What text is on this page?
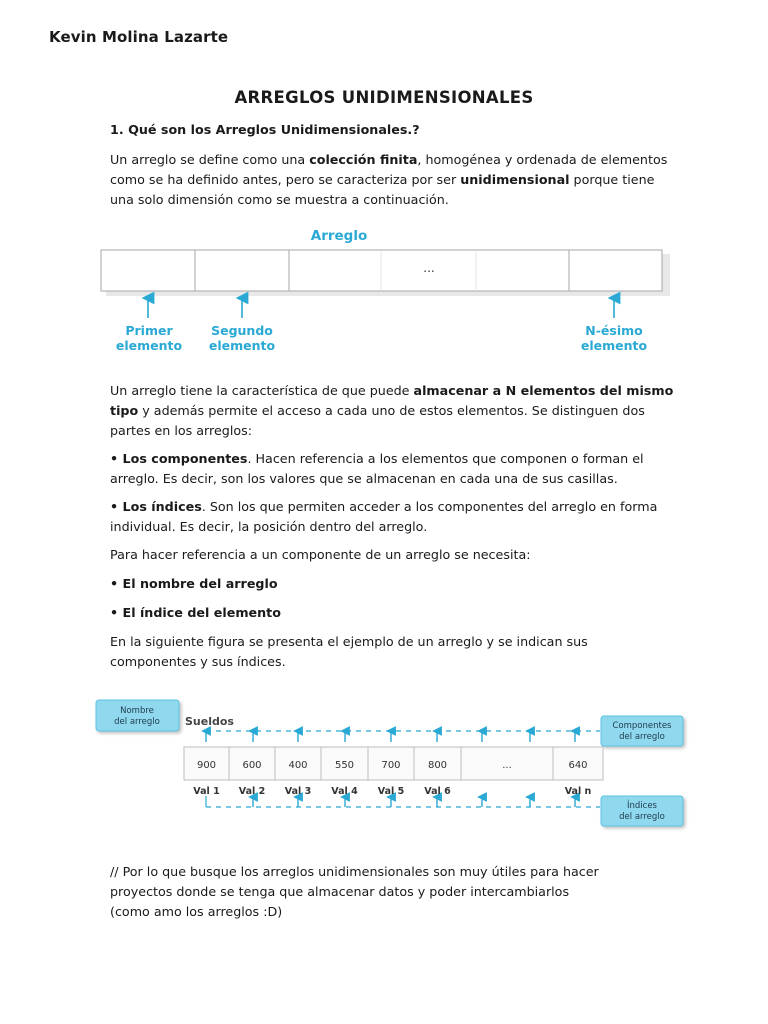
Kevin Molina Lazarte
ARREGLOS UNIDIMENSIONALES

1. Qué son los Arreglos Unidimensionales.?

Un arreglo se define como una colección finita, homogénea y ordenada de elementos
como se ha definido antes, pero se caracteriza por ser unidimensional porque tiene
una solo dimensión como se muestra a continuación.

Arreglo
...
Primer
elemento
Segundo
elemento
N-ésimo
elemento

Un arreglo tiene la característica de que puede almacenar a N elementos del mismo
tipo y además permite el acceso a cada uno de estos elementos. Se distinguen dos
partes en los arreglos:

• Los componentes. Hacen referencia a los elementos que componen o forman el
arreglo. Es decir, son los valores que se almacenan en cada una de sus casillas.

• Los índices. Son los que permiten acceder a los componentes del arreglo en forma
individual. Es decir, la posición dentro del arreglo.

Para hacer referencia a un componente de un arreglo se necesita:

• El nombre del arreglo

• El índice del elemento

En la siguiente figura se presenta el ejemplo de un arreglo y se indican sus
componentes y sus índices.

Nombre
del arreglo Sueldos	Componentes
del arreglo
Índices
del arreglo
900	600	400	550	700	800	...	640
Val 1 Val 2 Val 3 Val 4 Val 5 Val 6	Val n

// Por lo que busque los arreglos unidimensionales son muy útiles para hacer
proyectos donde se tenga que almacenar datos y poder intercambiarlos
(como amo los arreglos :D)
